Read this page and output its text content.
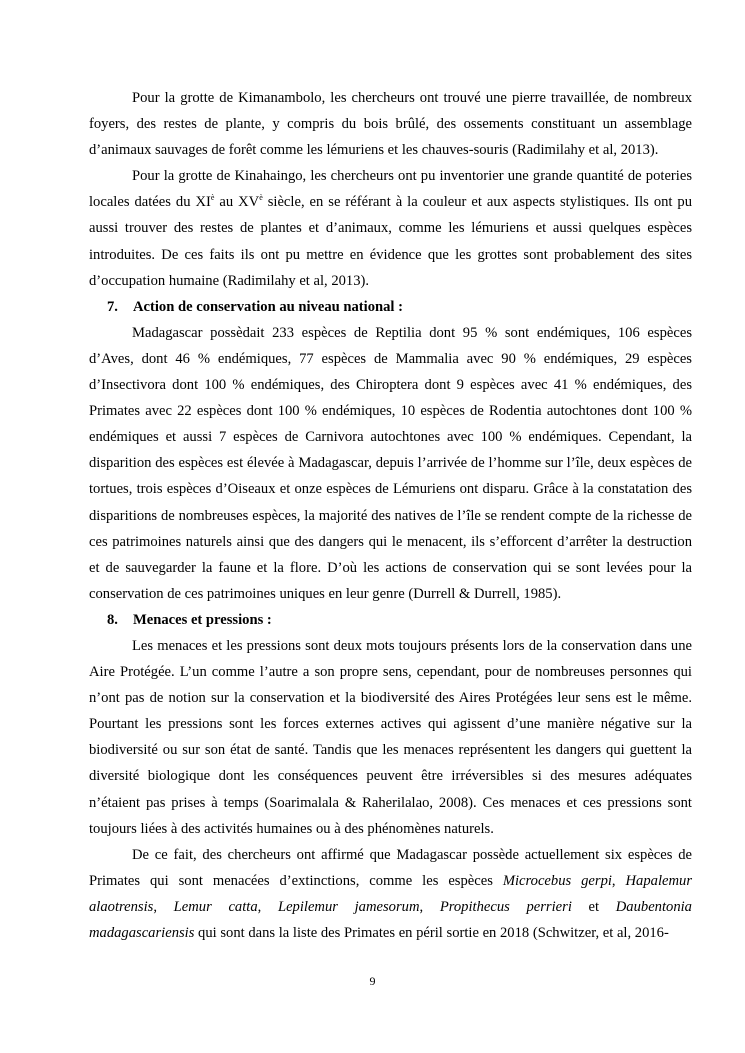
Pour la grotte de Kimanambolo, les chercheurs ont trouvé une pierre travaillée, de nombreux foyers, des restes de plante, y compris du bois brûlé, des ossements constituant un assemblage d’animaux sauvages de forêt comme les lémuriens et les chauves-souris (Radimilahy et al, 2013).

Pour la grotte de Kinahaingo, les chercheurs ont pu inventorier une grande quantité de poteries locales datées du $XI^è$ au $XV^è$ siècle, en se référant à la couleur et aux aspects stylistiques. Ils ont pu aussi trouver des restes de plantes et d’animaux, comme les lémuriens et aussi quelques espèces introduites. De ces faits ils ont pu mettre en évidence que les grottes sont probablement des sites d’occupation humaine (Radimilahy et al, 2013).

7. Action de conservation au niveau national :

Madagascar possèdait 233 espèces de Reptilia dont 95 % sont endémiques, 106 espèces d’Aves, dont 46 % endémiques, 77 espèces de Mammalia avec 90 % endémiques, 29 espèces d’Insectivora dont 100 % endémiques, des Chiroptera dont 9 espèces avec 41 % endémiques, des Primates avec 22 espèces dont 100 % endémiques, 10 espèces de Rodentia autochtones dont 100 % endémiques et aussi 7 espèces de Carnivora autochtones avec 100 % endémiques. Cependant, la disparition des espèces est élevée à Madagascar, depuis l’arrivée de l’homme sur l’île, deux espèces de tortues, trois espèces d’Oiseaux et onze espèces de Lémuriens ont disparu. Grâce à la constatation des disparitions de nombreuses espèces, la majorité des natives de l’île se rendent compte de la richesse de ces patrimoines naturels ainsi que des dangers qui le menacent, ils s’efforcent d’arrêter la destruction et de sauvegarder la faune et la flore. D’où les actions de conservation qui se sont levées pour la conservation de ces patrimoines uniques en leur genre (Durrell & Durrell, 1985).

8. Menaces et pressions :

Les menaces et les pressions sont deux mots toujours présents lors de la conservation dans une Aire Protégée. L’un comme l’autre a son propre sens, cependant, pour de nombreuses personnes qui n’ont pas de notion sur la conservation et la biodiversité des Aires Protégées leur sens est le même. Pourtant les pressions sont les forces externes actives qui agissent d’une manière négative sur la biodiversité ou sur son état de santé. Tandis que les menaces représentent les dangers qui guettent la diversité biologique dont les conséquences peuvent être irréversibles si des mesures adéquates n’étaient pas prises à temps (Soarimalala & Raherilalao, 2008). Ces menaces et ces pressions sont toujours liées à des activités humaines ou à des phénomènes naturels.

De ce fait, des chercheurs ont affirmé que Madagascar possède actuellement six espèces de Primates qui sont menacées d’extinctions, comme les espèces Microcebus gerpi, Hapalemur alaotrensis, Lemur catta, Lepilemur jamesorum, Propithecus perrieri et Daubentonia madagascariensis qui sont dans la liste des Primates en péril sortie en 2018 (Schwitzer, et al, 2016-

9
